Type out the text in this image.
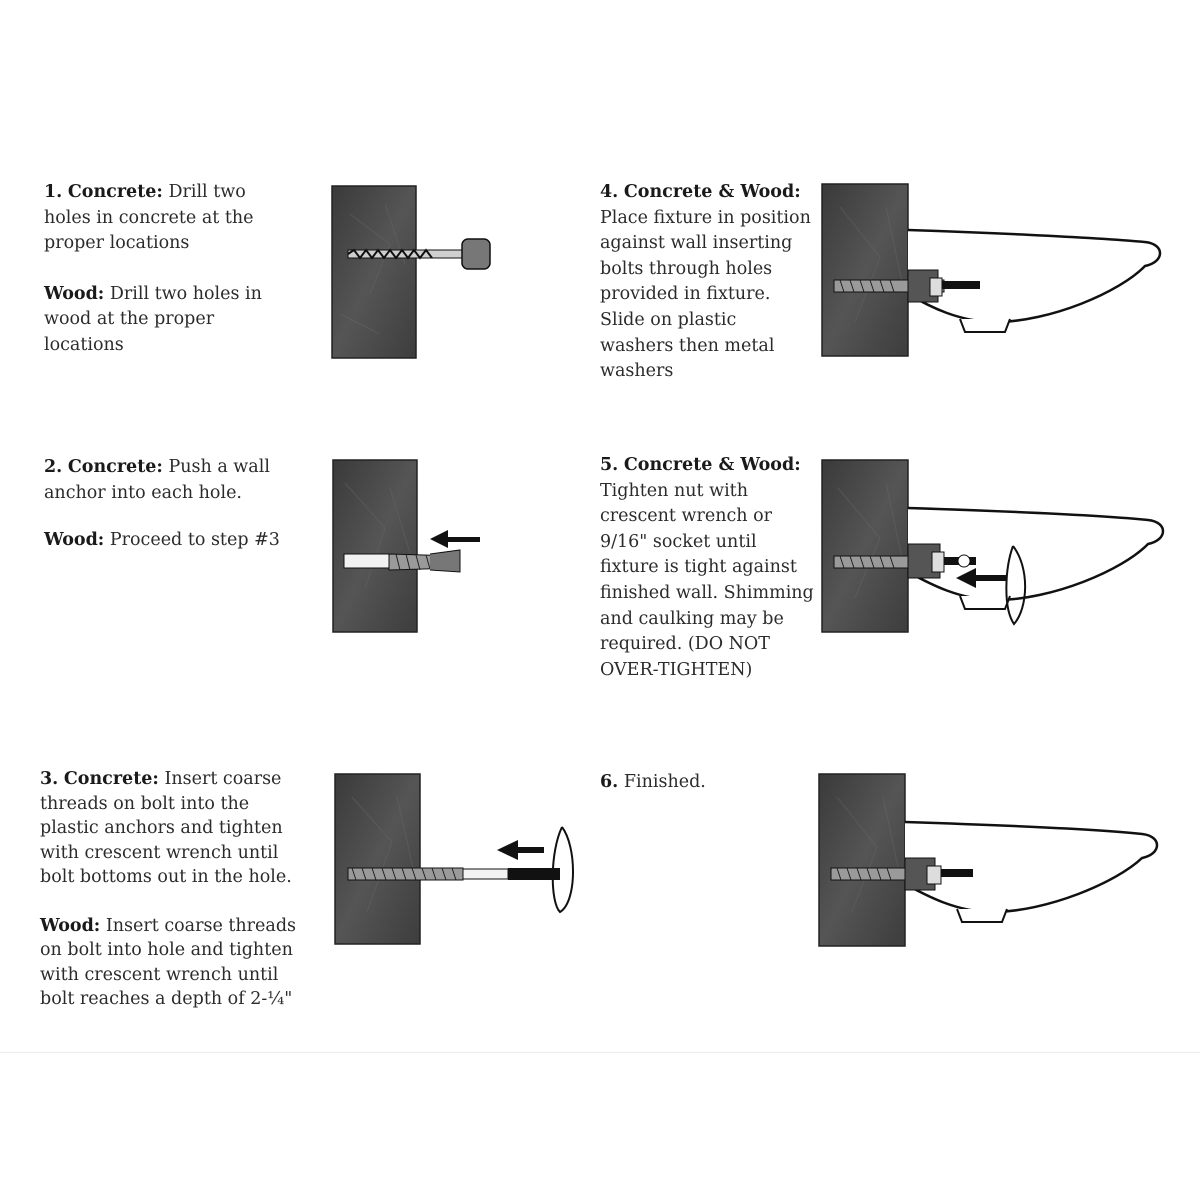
1. Concrete: Drill two holes in concrete at the proper locations

Wood: Drill two holes in wood at the proper locations

2. Concrete: Push a wall anchor into each hole.

Wood: Proceed to step #3

3. Concrete: Insert coarse threads on bolt into the plastic anchors and tighten with crescent wrench until bolt bottoms out in the hole.

Wood: Insert coarse threads on bolt into hole and tighten with crescent wrench until bolt reaches a depth of 2-¼"

4. Concrete & Wood:

Place fixture in position against wall inserting bolts through holes provided in fixture. Slide on plastic washers then metal washers

5. Concrete & Wood:

Tighten nut with crescent wrench or 9/16" socket until fixture is tight against finished wall. Shimming and caulking may be required. (DO NOT OVER-TIGHTEN)

6. Finished.
